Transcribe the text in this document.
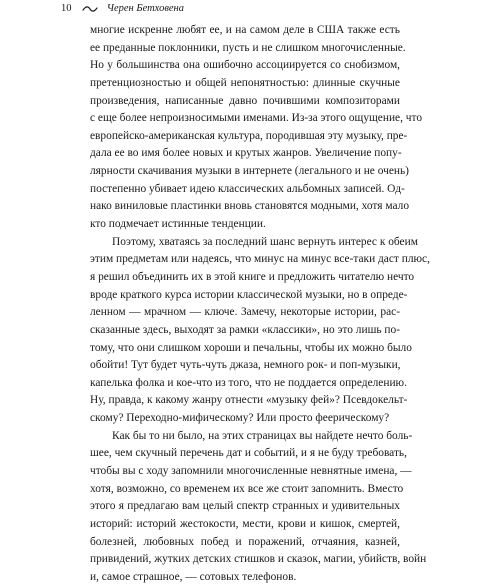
10	Черен Бетховена
многие искренне любят ее, и на самом деле в США также есть
ее преданные поклонники, пусть и не слишком многочисленные.
Но у большинства она ошибочно ассоциируется со снобизмом,
претенциозностью и общей непонятностью: длинные скучные
произведения, написанные давно почившими композиторами
с еще более непроизносимыми именами. Из-за этого ощущение, что
европейско-американская культура, породившая эту музыку, пре-
дала ее во имя более новых и крутых жанров. Увеличение попу-
лярности скачивания музыки в интернете (легального и не очень)
постепенно убивает идею классических альбомных записей. Од-
нако виниловые пластинки вновь становятся модными, хотя мало
кто подмечает истинные тенденции.
Поэтому, хватаясь за последний шанс вернуть интерес к обеим
этим предметам или надеясь, что минус на минус все-таки даст плюс,
я решил объединить их в этой книге и предложить читателю нечто
вроде краткого курса истории классической музыки, но в опреде-
ленном — мрачном — ключе. Замечу, некоторые истории, рас-
сказанные здесь, выходят за рамки «классики», но это лишь по-
тому, что они слишком хороши и печальны, чтобы их можно было
обойти! Тут будет чуть-чуть джаза, немного рок- и поп-музыки,
капелька фолка и кое-что из того, что не поддается определению.
Ну, правда, к какому жанру отнести «музыку фей»? Псевдокельт-
скому? Переходно-мифическому? Или просто феерическому?
Как бы то ни было, на этих страницах вы найдете нечто боль-
шее, чем скучный перечень дат и событий, и я не буду требовать,
чтобы вы с ходу запомнили многочисленные невнятные имена, —
хотя, возможно, со временем их все же стоит запомнить. Вместо
этого я предлагаю вам целый спектр странных и удивительных
историй: историй жестокости, мести, крови и кишок, смертей,
болезней, любовных побед и поражений, отчаяния, казней,
привидений, жутких детских стишков и сказок, магии, убийств, войн
и, самое страшное, — сотовых телефонов.
